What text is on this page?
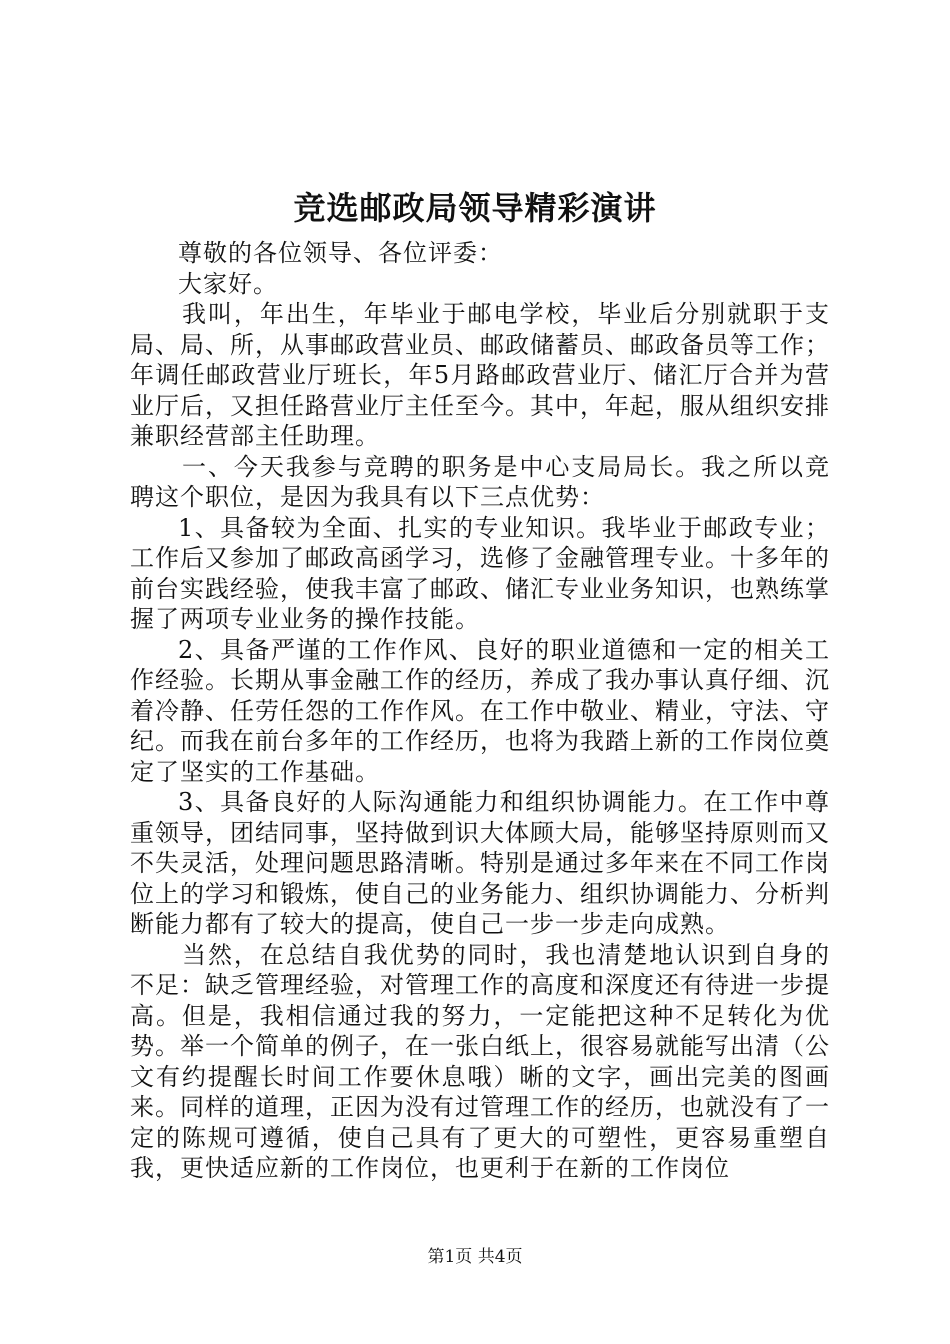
竞选邮政局领导精彩演讲

尊敬的各位领导、各位评委：

大家好。

我叫，年出生，年毕业于邮电学校，毕业后分别就职于支局、局、所，从事邮政营业员、邮政储蓄员、邮政备员等工作；年调任邮政营业厅班长，年5月路邮政营业厅、储汇厅合并为营业厅后，又担任路营业厅主任至今。其中，年起，服从组织安排兼职经营部主任助理。

一、今天我参与竞聘的职务是中心支局局长。我之所以竞聘这个职位，是因为我具有以下三点优势：

1、具备较为全面、扎实的专业知识。我毕业于邮政专业；工作后又参加了邮政高函学习，选修了金融管理专业。十多年的前台实践经验，使我丰富了邮政、储汇专业业务知识，也熟练掌握了两项专业业务的操作技能。

2、具备严谨的工作作风、良好的职业道德和一定的相关工作经验。长期从事金融工作的经历，养成了我办事认真仔细、沉着冷静、任劳任怨的工作作风。在工作中敬业、精业，守法、守纪。而我在前台多年的工作经历，也将为我踏上新的工作岗位奠定了坚实的工作基础。

3、具备良好的人际沟通能力和组织协调能力。在工作中尊重领导，团结同事，坚持做到识大体顾大局，能够坚持原则而又不失灵活，处理问题思路清晰。特别是通过多年来在不同工作岗位上的学习和锻炼，使自己的业务能力、组织协调能力、分析判断能力都有了较大的提高，使自己一步一步走向成熟。

当然，在总结自我优势的同时，我也清楚地认识到自身的不足：缺乏管理经验，对管理工作的高度和深度还有待进一步提高。但是，我相信通过我的努力，一定能把这种不足转化为优势。举一个简单的例子，在一张白纸上，很容易就能写出清（公文有约提醒长时间工作要休息哦）晰的文字，画出完美的图画来。同样的道理，正因为没有过管理工作的经历，也就没有了一定的陈规可遵循，使自己具有了更大的可塑性，更容易重塑自我，更快适应新的工作岗位，也更利于在新的工作岗位

第1页 共4页
